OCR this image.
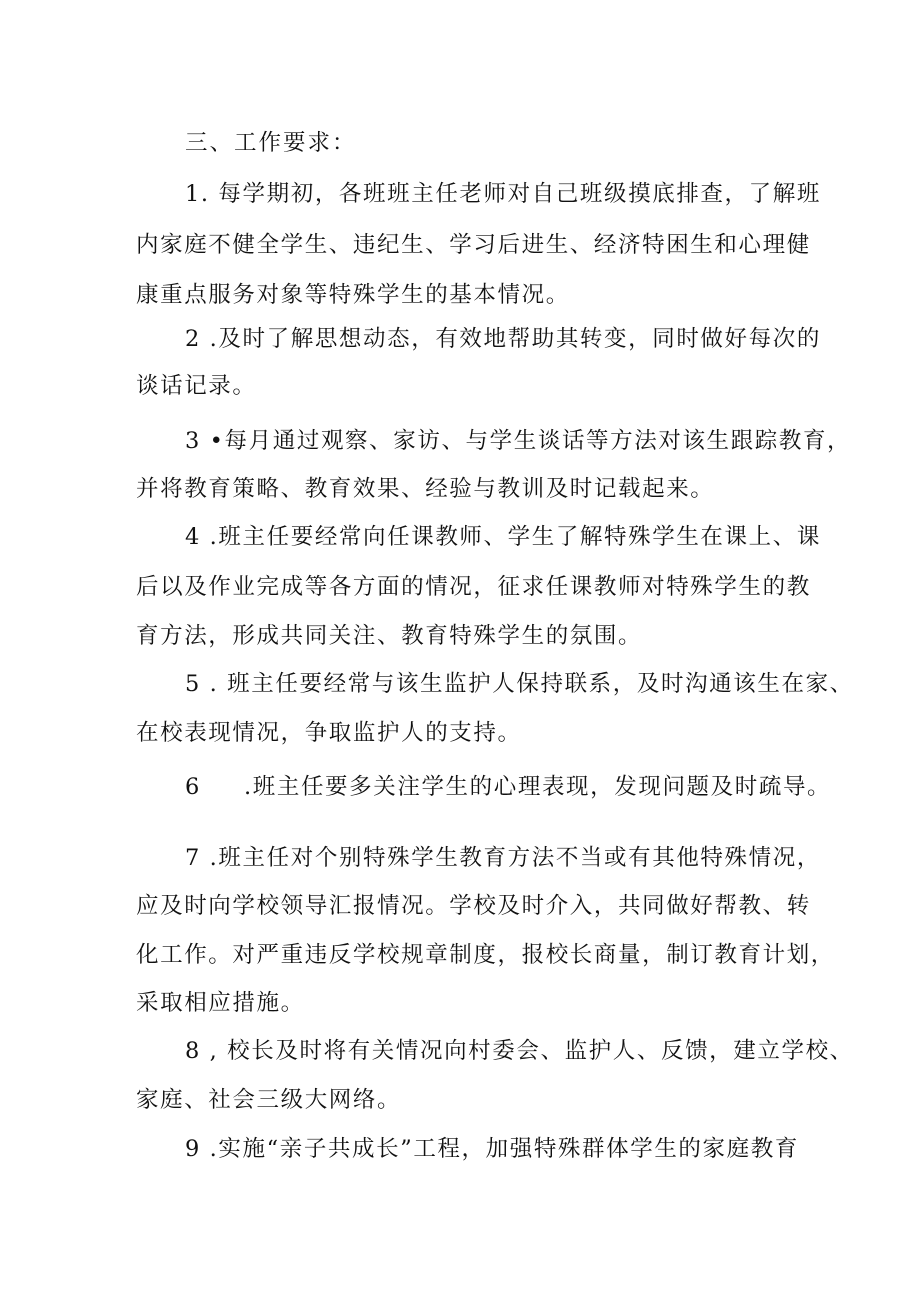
三、工作要求：
1. 每学期初，各班班主任老师对自己班级摸底排查，了解班
内家庭不健全学生、违纪生、学习后进生、经济特困生和心理健
康重点服务对象等特殊学生的基本情况。
2 .及时了解思想动态，有效地帮助其转变，同时做好每次的
谈话记录。
3 •每月通过观察、家访、与学生谈话等方法对该生跟踪教育，
并将教育策略、教育效果、经验与教训及时记载起来。
4 .班主任要经常向任课教师、学生了解特殊学生在课上、课
后以及作业完成等各方面的情况，征求任课教师对特殊学生的教
育方法，形成共同关注、教育特殊学生的氛围。
5 . 班主任要经常与该生监护人保持联系，及时沟通该生在家、
在校表现情况，争取监护人的支持。
6 .班主任要多关注学生的心理表现，发现问题及时疏导。
7 .班主任对个别特殊学生教育方法不当或有其他特殊情况，
应及时向学校领导汇报情况。学校及时介入，共同做好帮教、转
化工作。对严重违反学校规章制度，报校长商量，制订教育计划，
采取相应措施。
8 , 校长及时将有关情况向村委会、监护人、反馈，建立学校、
家庭、社会三级大网络。
9 .实施“亲子共成长”工程，加强特殊群体学生的家庭教育
